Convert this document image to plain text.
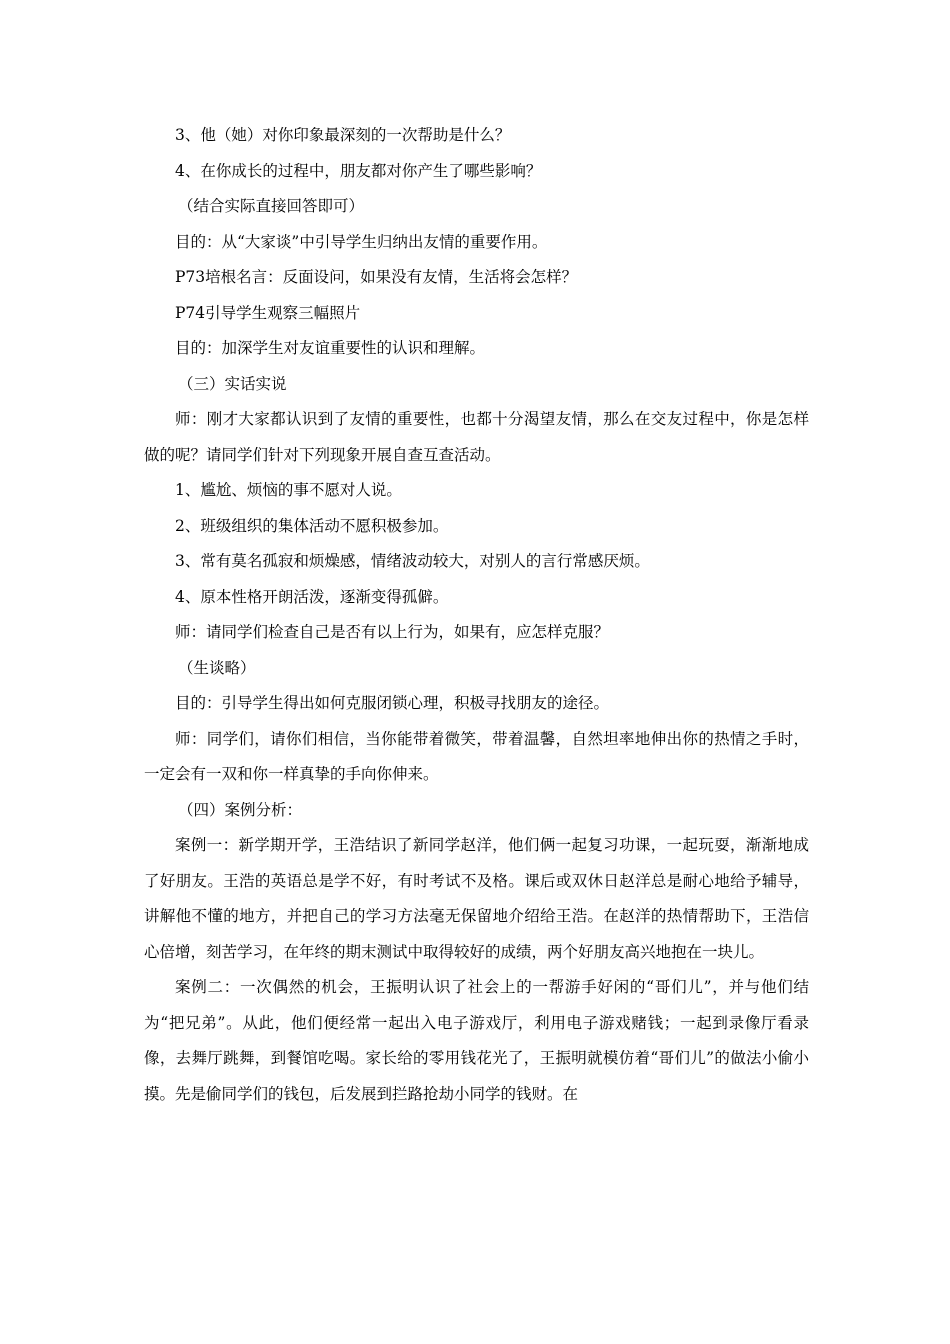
3、他（她）对你印象最深刻的一次帮助是什么？

4、在你成长的过程中，朋友都对你产生了哪些影响？

（结合实际直接回答即可）

目的：从“大家谈”中引导学生归纳出友情的重要作用。

P73培根名言：反面设问，如果没有友情，生活将会怎样？

P74引导学生观察三幅照片

目的：加深学生对友谊重要性的认识和理解。

（三）实话实说

师：刚才大家都认识到了友情的重要性，也都十分渴望友情，那么在交友过程中，你是怎样做的呢？请同学们针对下列现象开展自查互查活动。

1、尴尬、烦恼的事不愿对人说。

2、班级组织的集体活动不愿积极参加。

3、常有莫名孤寂和烦燥感，情绪波动较大，对别人的言行常感厌烦。

4、原本性格开朗活泼，逐渐变得孤僻。

师：请同学们检查自己是否有以上行为，如果有，应怎样克服？

（生谈略）

目的：引导学生得出如何克服闭锁心理，积极寻找朋友的途径。

师：同学们，请你们相信，当你能带着微笑，带着温馨，自然坦率地伸出你的热情之手时，一定会有一双和你一样真挚的手向你伸来。

（四）案例分析：

案例一：新学期开学，王浩结识了新同学赵洋，他们俩一起复习功课，一起玩耍，渐渐地成了好朋友。王浩的英语总是学不好，有时考试不及格。课后或双休日赵洋总是耐心地给予辅导，讲解他不懂的地方，并把自己的学习方法毫无保留地介绍给王浩。在赵洋的热情帮助下，王浩信心倍增，刻苦学习，在年终的期末测试中取得较好的成绩，两个好朋友高兴地抱在一块儿。

案例二：一次偶然的机会，王振明认识了社会上的一帮游手好闲的“哥们儿”，并与他们结为“把兄弟”。从此，他们便经常一起出入电子游戏厅，利用电子游戏赌钱；一起到录像厅看录像，去舞厅跳舞，到餐馆吃喝。家长给的零用钱花光了，王振明就模仿着“哥们儿”的做法小偷小摸。先是偷同学们的钱包，后发展到拦路抢劫小同学的钱财。在
